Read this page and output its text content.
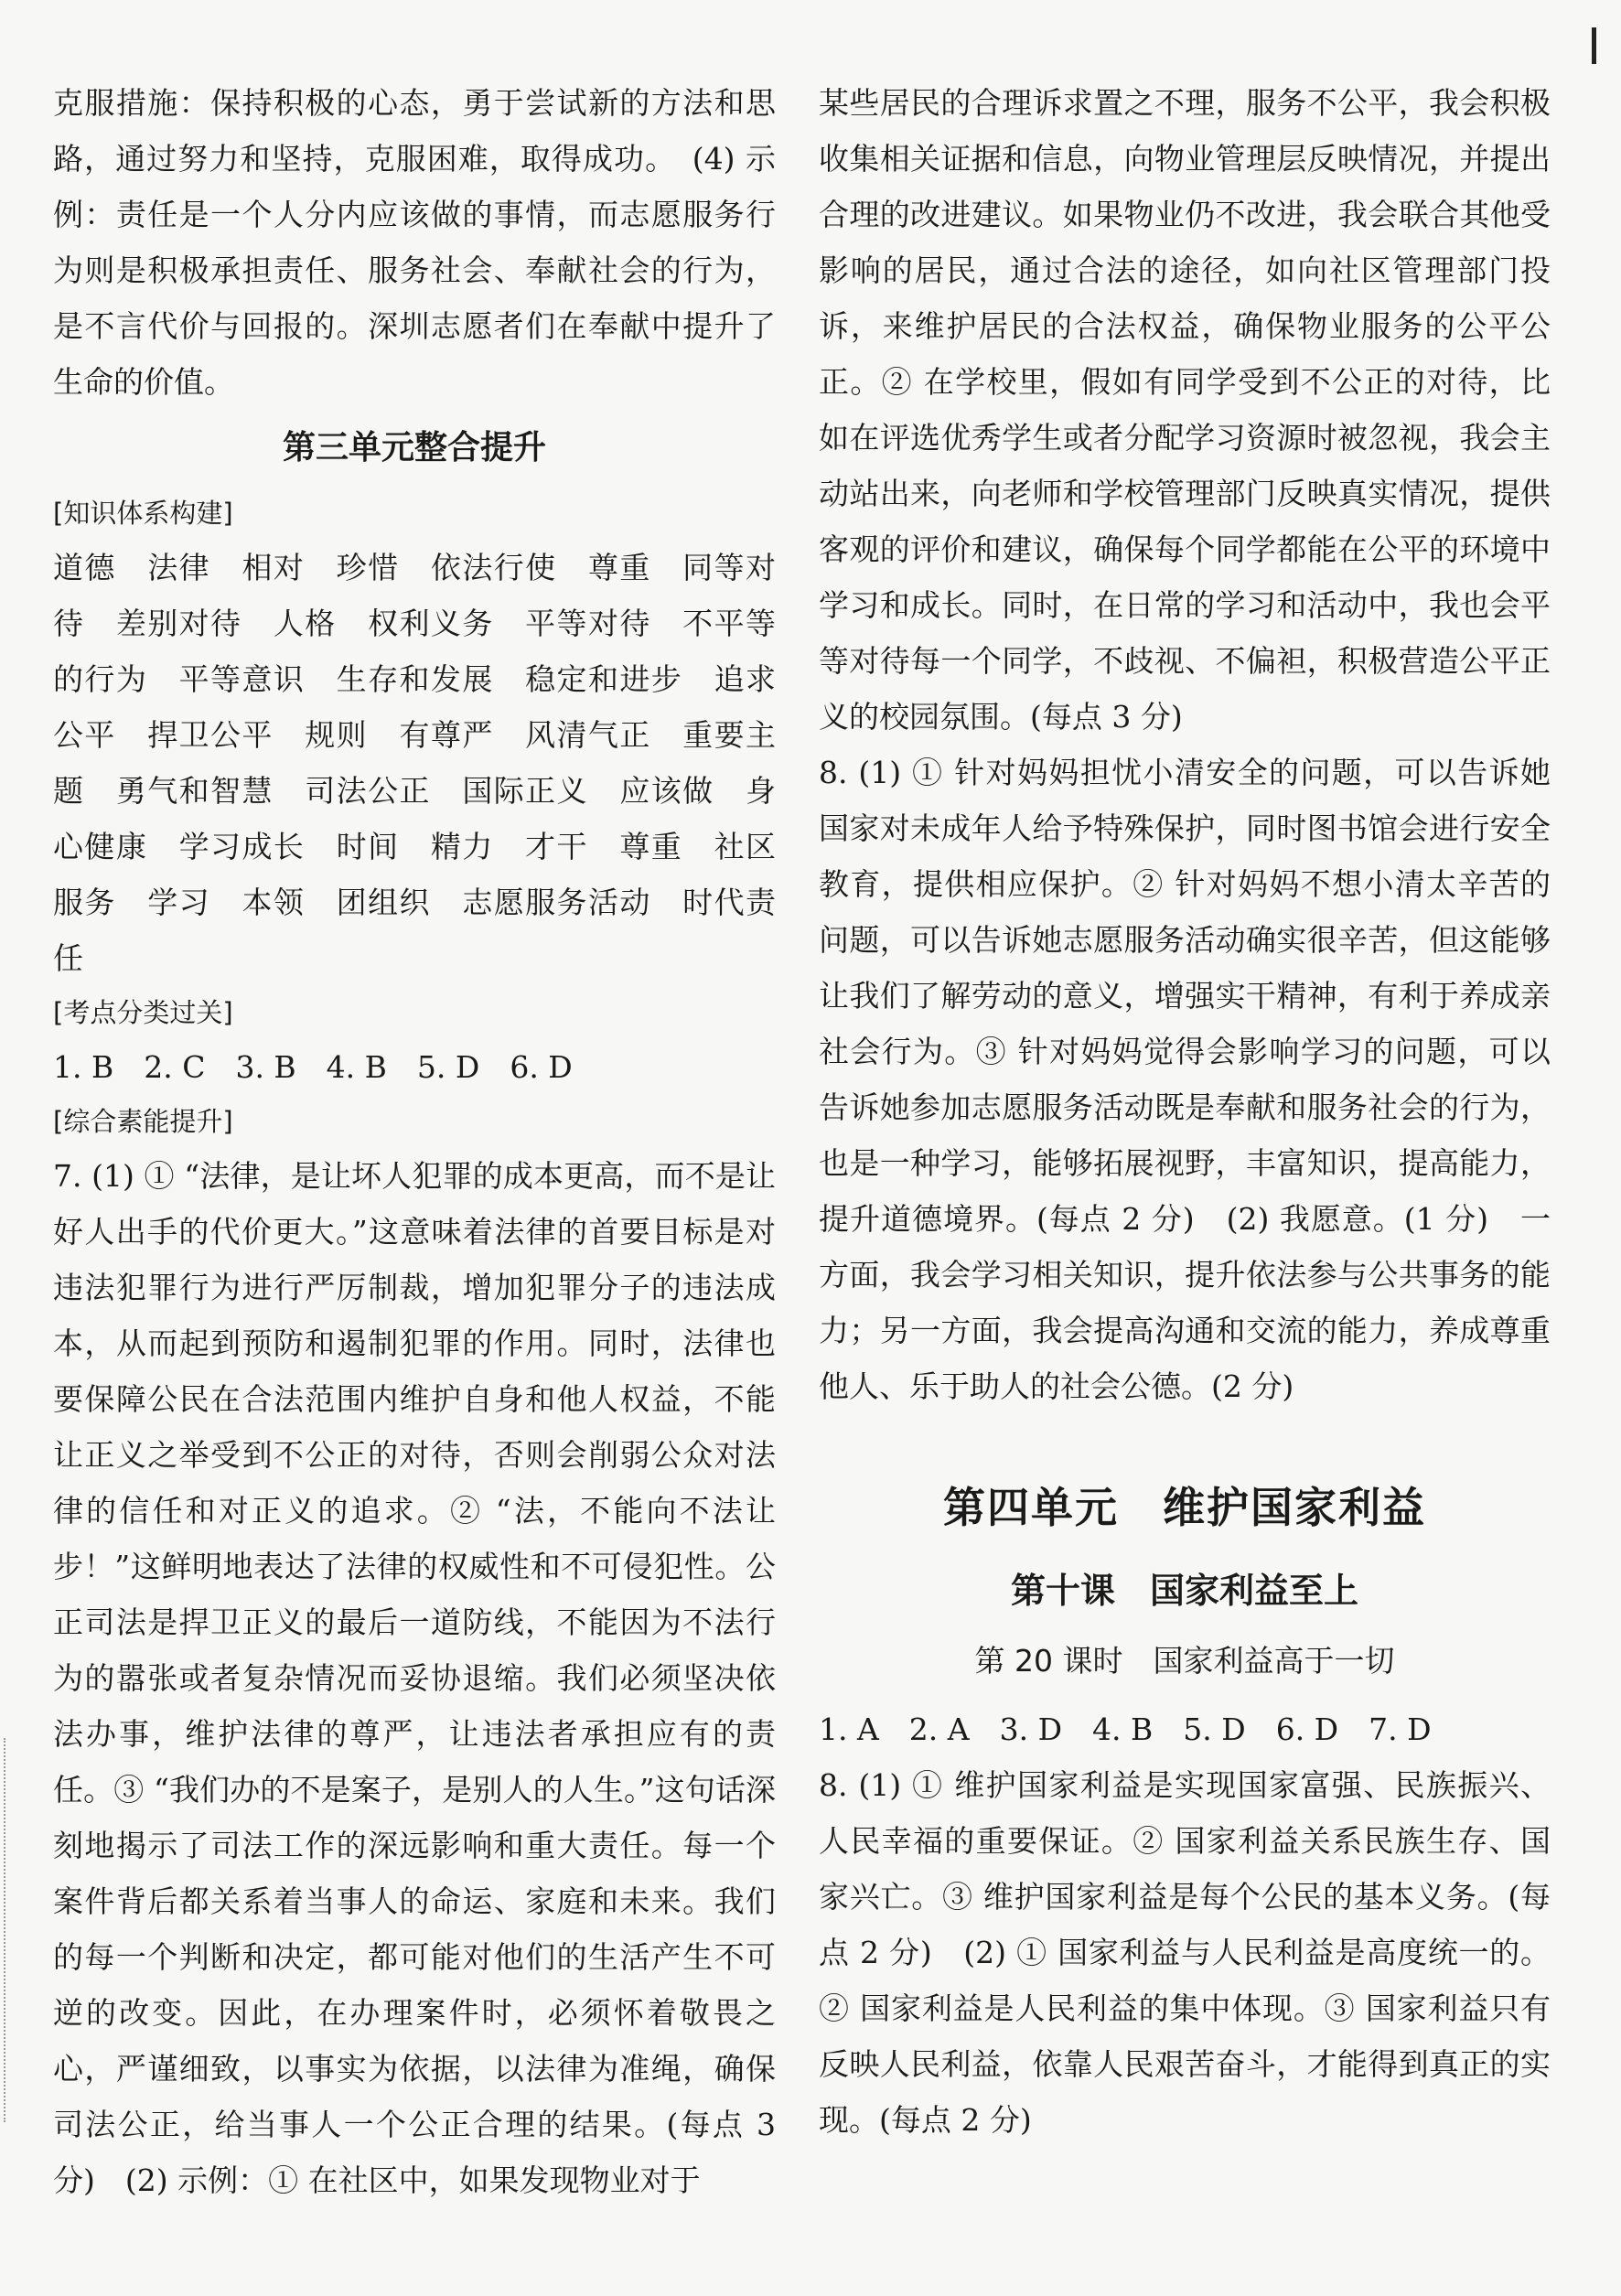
克服措施：保持积极的心态，勇于尝试新的方法和思路，通过努力和坚持，克服困难，取得成功。　(4) 示例：责任是一个人分内应该做的事情，而志愿服务行为则是积极承担责任、服务社会、奉献社会的行为，是不言代价与回报的。深圳志愿者们在奉献中提升了生命的价值。

第三单元整合提升

[知识体系构建]

道德　法律　相对　珍惜　依法行使　尊重　同等对待　差别对待　人格　权利义务　平等对待　不平等的行为　平等意识　生存和发展　稳定和进步　追求公平　捍卫公平　规则　有尊严　风清气正　重要主题　勇气和智慧　司法公正　国际正义　应该做　身心健康　学习成长　时间　精力　才干　尊重　社区服务　学习　本领　团组织　志愿服务活动　时代责任

[考点分类过关]

1. B　2. C　3. B　4. B　5. D　6. D

[综合素能提升]

7. (1) ① “法律，是让坏人犯罪的成本更高，而不是让好人出手的代价更大。”这意味着法律的首要目标是对违法犯罪行为进行严厉制裁，增加犯罪分子的违法成本，从而起到预防和遏制犯罪的作用。同时，法律也要保障公民在合法范围内维护自身和他人权益，不能让正义之举受到不公正的对待，否则会削弱公众对法律的信任和对正义的追求。② “法，不能向不法让步！”这鲜明地表达了法律的权威性和不可侵犯性。公正司法是捍卫正义的最后一道防线，不能因为不法行为的嚣张或者复杂情况而妥协退缩。我们必须坚决依法办事，维护法律的尊严，让违法者承担应有的责任。③ “我们办的不是案子，是别人的人生。”这句话深刻地揭示了司法工作的深远影响和重大责任。每一个案件背后都关系着当事人的命运、家庭和未来。我们的每一个判断和决定，都可能对他们的生活产生不可逆的改变。因此，在办理案件时，必须怀着敬畏之心，严谨细致，以事实为依据，以法律为准绳，确保司法公正，给当事人一个公正合理的结果。(每点 3 分)　(2) 示例：① 在社区中，如果发现物业对于

某些居民的合理诉求置之不理，服务不公平，我会积极收集相关证据和信息，向物业管理层反映情况，并提出合理的改进建议。如果物业仍不改进，我会联合其他受影响的居民，通过合法的途径，如向社区管理部门投诉，来维护居民的合法权益，确保物业服务的公平公正。② 在学校里，假如有同学受到不公正的对待，比如在评选优秀学生或者分配学习资源时被忽视，我会主动站出来，向老师和学校管理部门反映真实情况，提供客观的评价和建议，确保每个同学都能在公平的环境中学习和成长。同时，在日常的学习和活动中，我也会平等对待每一个同学，不歧视、不偏袒，积极营造公平正义的校园氛围。(每点 3 分)

8. (1) ① 针对妈妈担忧小清安全的问题，可以告诉她国家对未成年人给予特殊保护，同时图书馆会进行安全教育，提供相应保护。② 针对妈妈不想小清太辛苦的问题，可以告诉她志愿服务活动确实很辛苦，但这能够让我们了解劳动的意义，增强实干精神，有利于养成亲社会行为。③ 针对妈妈觉得会影响学习的问题，可以告诉她参加志愿服务活动既是奉献和服务社会的行为，也是一种学习，能够拓展视野，丰富知识，提高能力，提升道德境界。(每点 2 分)　(2) 我愿意。(1 分)　一方面，我会学习相关知识，提升依法参与公共事务的能力；另一方面，我会提高沟通和交流的能力，养成尊重他人、乐于助人的社会公德。(2 分)

第四单元　维护国家利益
第十课　国家利益至上
第 20 课时　国家利益高于一切

1. A　2. A　3. D　4. B　5. D　6. D　7. D

8. (1) ① 维护国家利益是实现国家富强、民族振兴、人民幸福的重要保证。② 国家利益关系民族生存、国家兴亡。③ 维护国家利益是每个公民的基本义务。(每点 2 分)　(2) ① 国家利益与人民利益是高度统一的。② 国家利益是人民利益的集中体现。③ 国家利益只有反映人民利益，依靠人民艰苦奋斗，才能得到真正的实现。(每点 2 分)
